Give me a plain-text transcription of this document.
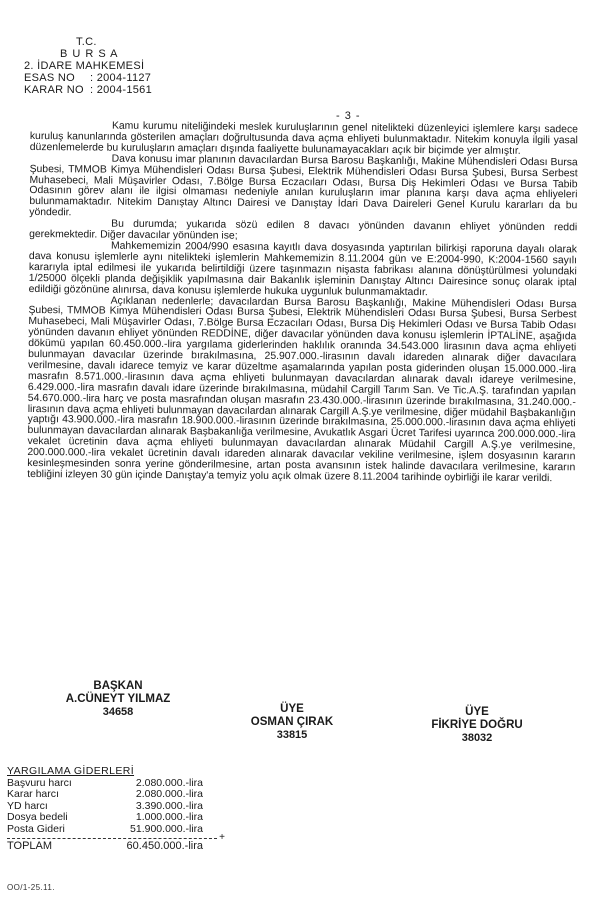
T.C.
B U R S A
2. İDARE MAHKEMESİ
ESAS NO	: 2004-1127
KARAR NO : 2004-1561
- 3 -

Kamu kurumu niteliğindeki meslek kuruluşlarının genel nitelikteki düzenleyici işlemlere karşı sadece kuruluş kanunlarında gösterilen amaçları doğrultusunda dava açma ehliyeti bulunmaktadır. Nitekim konuyla ilgili yasal düzenlemelerde bu kuruluşların amaçları dışında faaliyette bulunamayacakları açık bir biçimde yer almıştır.

Dava konusu imar planının davacılardan Bursa Barosu Başkanlığı, Makine Mühendisleri Odası Bursa Şubesi, TMMOB Kimya Mühendisleri Odası Bursa Şubesi, Elektrik Mühendisleri Odası Bursa Şubesi, Bursa Serbest Muhasebeci, Mali Müşavirler Odası, 7.Bölge Bursa Eczacıları Odası, Bursa Diş Hekimleri Odası ve Bursa Tabib Odasının görev alanı ile ilgisi olmaması nedeniyle anılan kuruluşların imar planına karşı dava açma ehliyeleri bulunmamaktadır. Nitekim Danıştay Altıncı Dairesi ve Danıştay İdari Dava Daireleri Genel Kurulu kararları da bu yöndedir.

Bu durumda; yukarıda sözü edilen 8 davacı yönünden davanın ehliyet yönünden reddi gerekmektedir. Diğer davacılar yönünden ise;

Mahkememizin 2004/990 esasına kayıtlı dava dosyasında yaptırılan bilirkişi raporuna dayalı olarak dava konusu işlemlerle aynı nitelikteki işlemlerin Mahkememizin 8.11.2004 gün ve E:2004-990, K:2004-1560 sayılı kararıyla iptal edilmesi ile yukarıda belirtildiği üzere taşınmazın nişasta fabrikası alanına dönüştürülmesi yolundaki 1/25000 ölçekli planda değişiklik yapılmasına dair Bakanlık işleminin Danıştay Altıncı Dairesince sonuç olarak iptal edildiği gözönüne alınırsa, dava konusu işlemlerde hukuka uygunluk bulunmamaktadır.

Açıklanan nedenlerle; davacılardan Bursa Barosu Başkanlığı, Makine Mühendisleri Odası Bursa Şubesi, TMMOB Kimya Mühendisleri Odası Bursa Şubesi, Elektrik Mühendisleri Odası Bursa Şubesi, Bursa Serbest Muhasebeci, Mali Müşavirler Odası, 7.Bölge Bursa Eczacıları Odası, Bursa Diş Hekimleri Odası ve Bursa Tabib Odası yönünden davanın ehliyet yönünden REDDİNE, diğer davacılar yönünden dava konusu işlemlerin İPTALİNE, aşağıda dökümü yapılan 60.450.000.-lira yargılama giderlerinden haklılık oranında 34.543.000 lirasının dava açma ehliyeti bulunmayan davacılar üzerinde bırakılmasına, 25.907.000.-lirasının davalı idareden alınarak diğer davacılara verilmesine, davalı idarece temyiz ve karar düzeltme aşamalarında yapılan posta giderinden oluşan 15.000.000.-lira masrafın 8.571.000.-lirasının dava açma ehliyeti bulunmayan davacılardan alınarak davalı idareye verilmesine, 6.429.000.-lira masrafın davalı idare üzerinde bırakılmasına, müdahil Cargill Tarım San. Ve Tic.A.Ş. tarafından yapılan 54.670.000.-lira harç ve posta masrafından oluşan masrafın 23.430.000.-lirasının üzerinde bırakılmasına, 31.240.000.-lirasının dava açma ehliyeti bulunmayan davacılardan alınarak Cargill A.Ş.ye verilmesine, diğer müdahil Başbakanlığın yaptığı 43.900.000.-lira masrafın 18.900.000.-lirasının üzerinde bırakılmasına, 25.000.000.-lirasının dava açma ehliyeti bulunmayan davacılardan alınarak Başbakanlığa verilmesine, Avukatlık Asgari Ücret Tarifesi uyarınca 200.000.000.-lira vekalet ücretinin dava açma ehliyeti bulunmayan davacılardan alınarak Müdahil Cargill A.Ş.ye verilmesine, 200.000.000.-lira vekalet ücretinin davalı idareden alınarak davacılar vekiline verilmesine, işlem dosyasının kararın kesinleşmesinden sonra yerine gönderilmesine, artan posta avansının istek halinde davacılara verilmesine, kararın tebliğini izleyen 30 gün içinde Danıştay'a temyiz yolu açık olmak üzere 8.11.2004 tarihinde oybirliği ile karar verildi.

BAŞKAN
A.CÜNEYT YILMAZ
34658	ÜYE
OSMAN ÇIRAK
33815
ÜYE
FİKRİYE DOĞRU
38032
YARGILAMA GİDERLERİ
Başvuru harcı	2.080.000.-lira
Karar harcı	2.080.000.-lira
YD harcı	3.390.000.-lira
Dosya bedeli	1.000.000.-lira
Posta Gideri	51.900.000.-lira
+
TOPLAM	60.450.000.-lira
OO/1-25.11.
